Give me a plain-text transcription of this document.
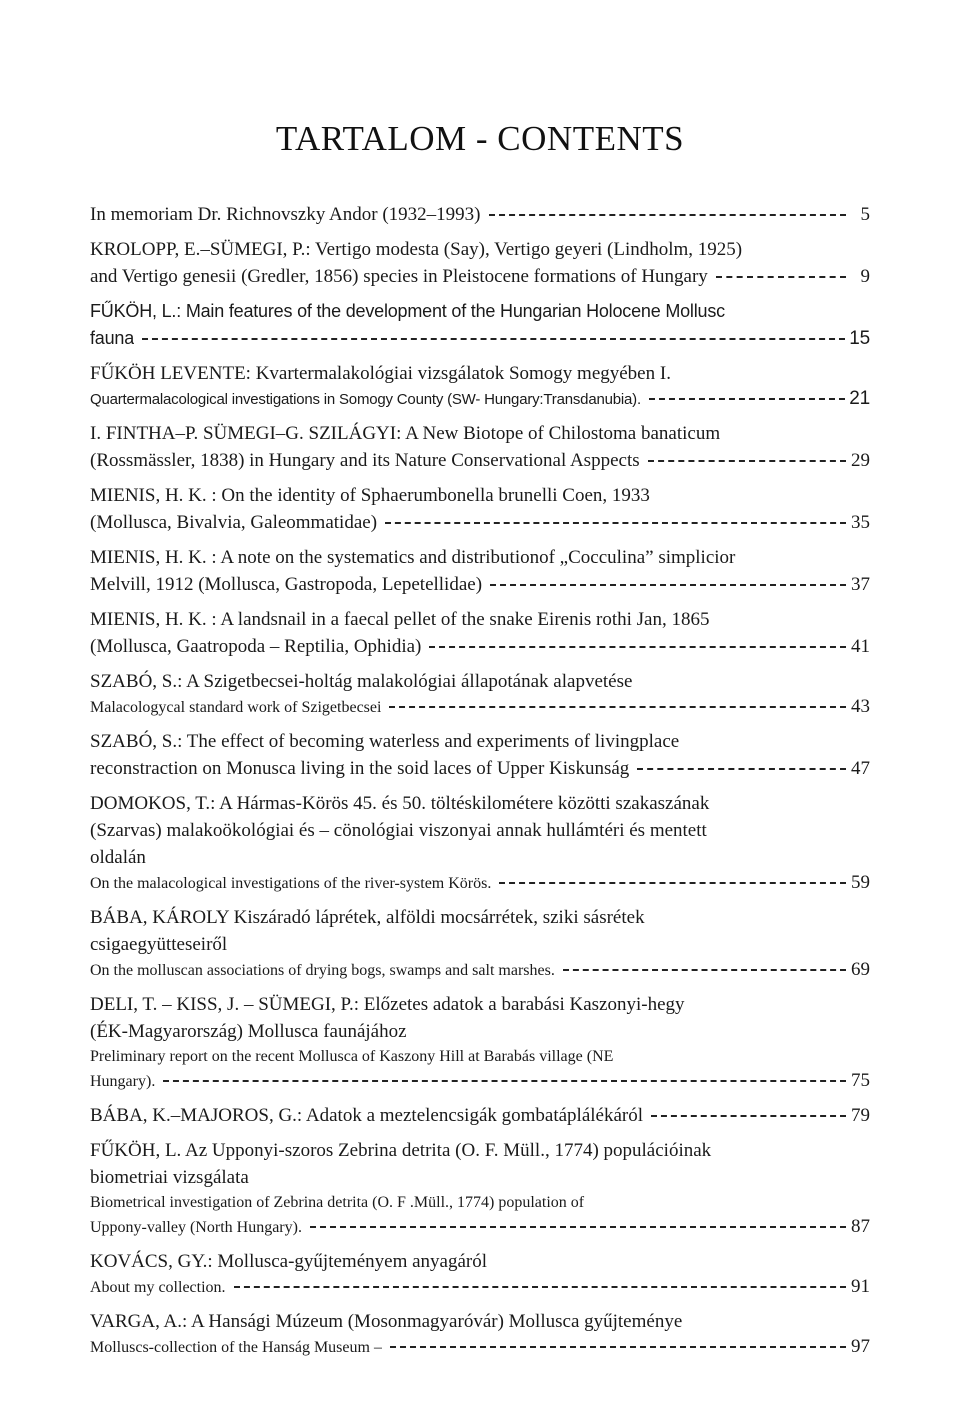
TARTALOM - CONTENTS
In memoriam Dr. Richnovszky Andor (1932–1993)	5
KROLOPP, E.–SÜMEGI, P.: Vertigo modesta (Say), Vertigo geyeri (Lindholm, 1925)
and Vertigo genesii (Gredler, 1856) species in Pleistocene formations of Hungary	9
FŰKÖH, L.: Main features of the development of the Hungarian Holocene Mollusc
fauna	15
FŰKÖH LEVENTE: Kvartermalakológiai vizsgálatok Somogy megyében I.
Quartermalacological investigations in Somogy County (SW- Hungary:Transdanubia).	21
I. FINTHA–P. SÜMEGI–G. SZILÁGYI: A New Biotope of Chilostoma banaticum
(Rossmässler, 1838) in Hungary and its Nature Conservational Asppects	29
MIENIS, H. K. : On the identity of Sphaerumbonella brunelli Coen, 1933
(Mollusca, Bivalvia, Galeommatidae)	35
MIENIS, H. K. : A note on the systematics and distributionof „Cocculina” simplicior
Melvill, 1912 (Mollusca, Gastropoda, Lepetellidae)	37
MIENIS, H. K. : A landsnail in a faecal pellet of the snake Eirenis rothi Jan, 1865
(Mollusca, Gaatropoda – Reptilia, Ophidia)	41
SZABÓ, S.: A Szigetbecsei-holtág malakológiai állapotának alapvetése
Malacologycal standard work of Szigetbecsei	43
SZABÓ, S.: The effect of becoming waterless and experiments of livingplace
reconstraction on Monusca living in the soid laces of Upper Kiskunság	47
DOMOKOS, T.: A Hármas-Körös 45. és 50. töltéskilométere közötti szakaszának
(Szarvas) malakoökológiai és – cönológiai viszonyai annak hullámtéri és mentett
oldalán
On the malacological investigations of the river-system Körös.	59
BÁBA, KÁROLY Kiszáradó láprétek, alföldi mocsárrétek, sziki sásrétek
csigaegyütteseiről
On the molluscan associations of drying bogs, swamps and salt marshes.	69
DELI, T. – KISS, J. – SÜMEGI, P.: Előzetes adatok a barabási Kaszonyi-hegy
(ÉK-Magyarország) Mollusca faunájához
Preliminary report on the recent Mollusca of Kaszony Hill at Barabás village (NE
Hungary).	75
BÁBA, K.–MAJOROS, G.: Adatok a meztelencsigák gombatáplálékáról	79
FŰKÖH, L. Az Upponyi-szoros Zebrina detrita (O. F. Müll., 1774) populációinak
biometriai vizsgálata
Biometrical investigation of Zebrina detrita (O. F .Müll., 1774) population of
Uppony-valley (North Hungary).	87
KOVÁCS, GY.: Mollusca-gyűjteményem anyagáról
About my collection.	91
VARGA, A.: A Hansági Múzeum (Mosonmagyaróvár) Mollusca gyűjteménye
Molluscs-collection of the Hanság Museum –	97
